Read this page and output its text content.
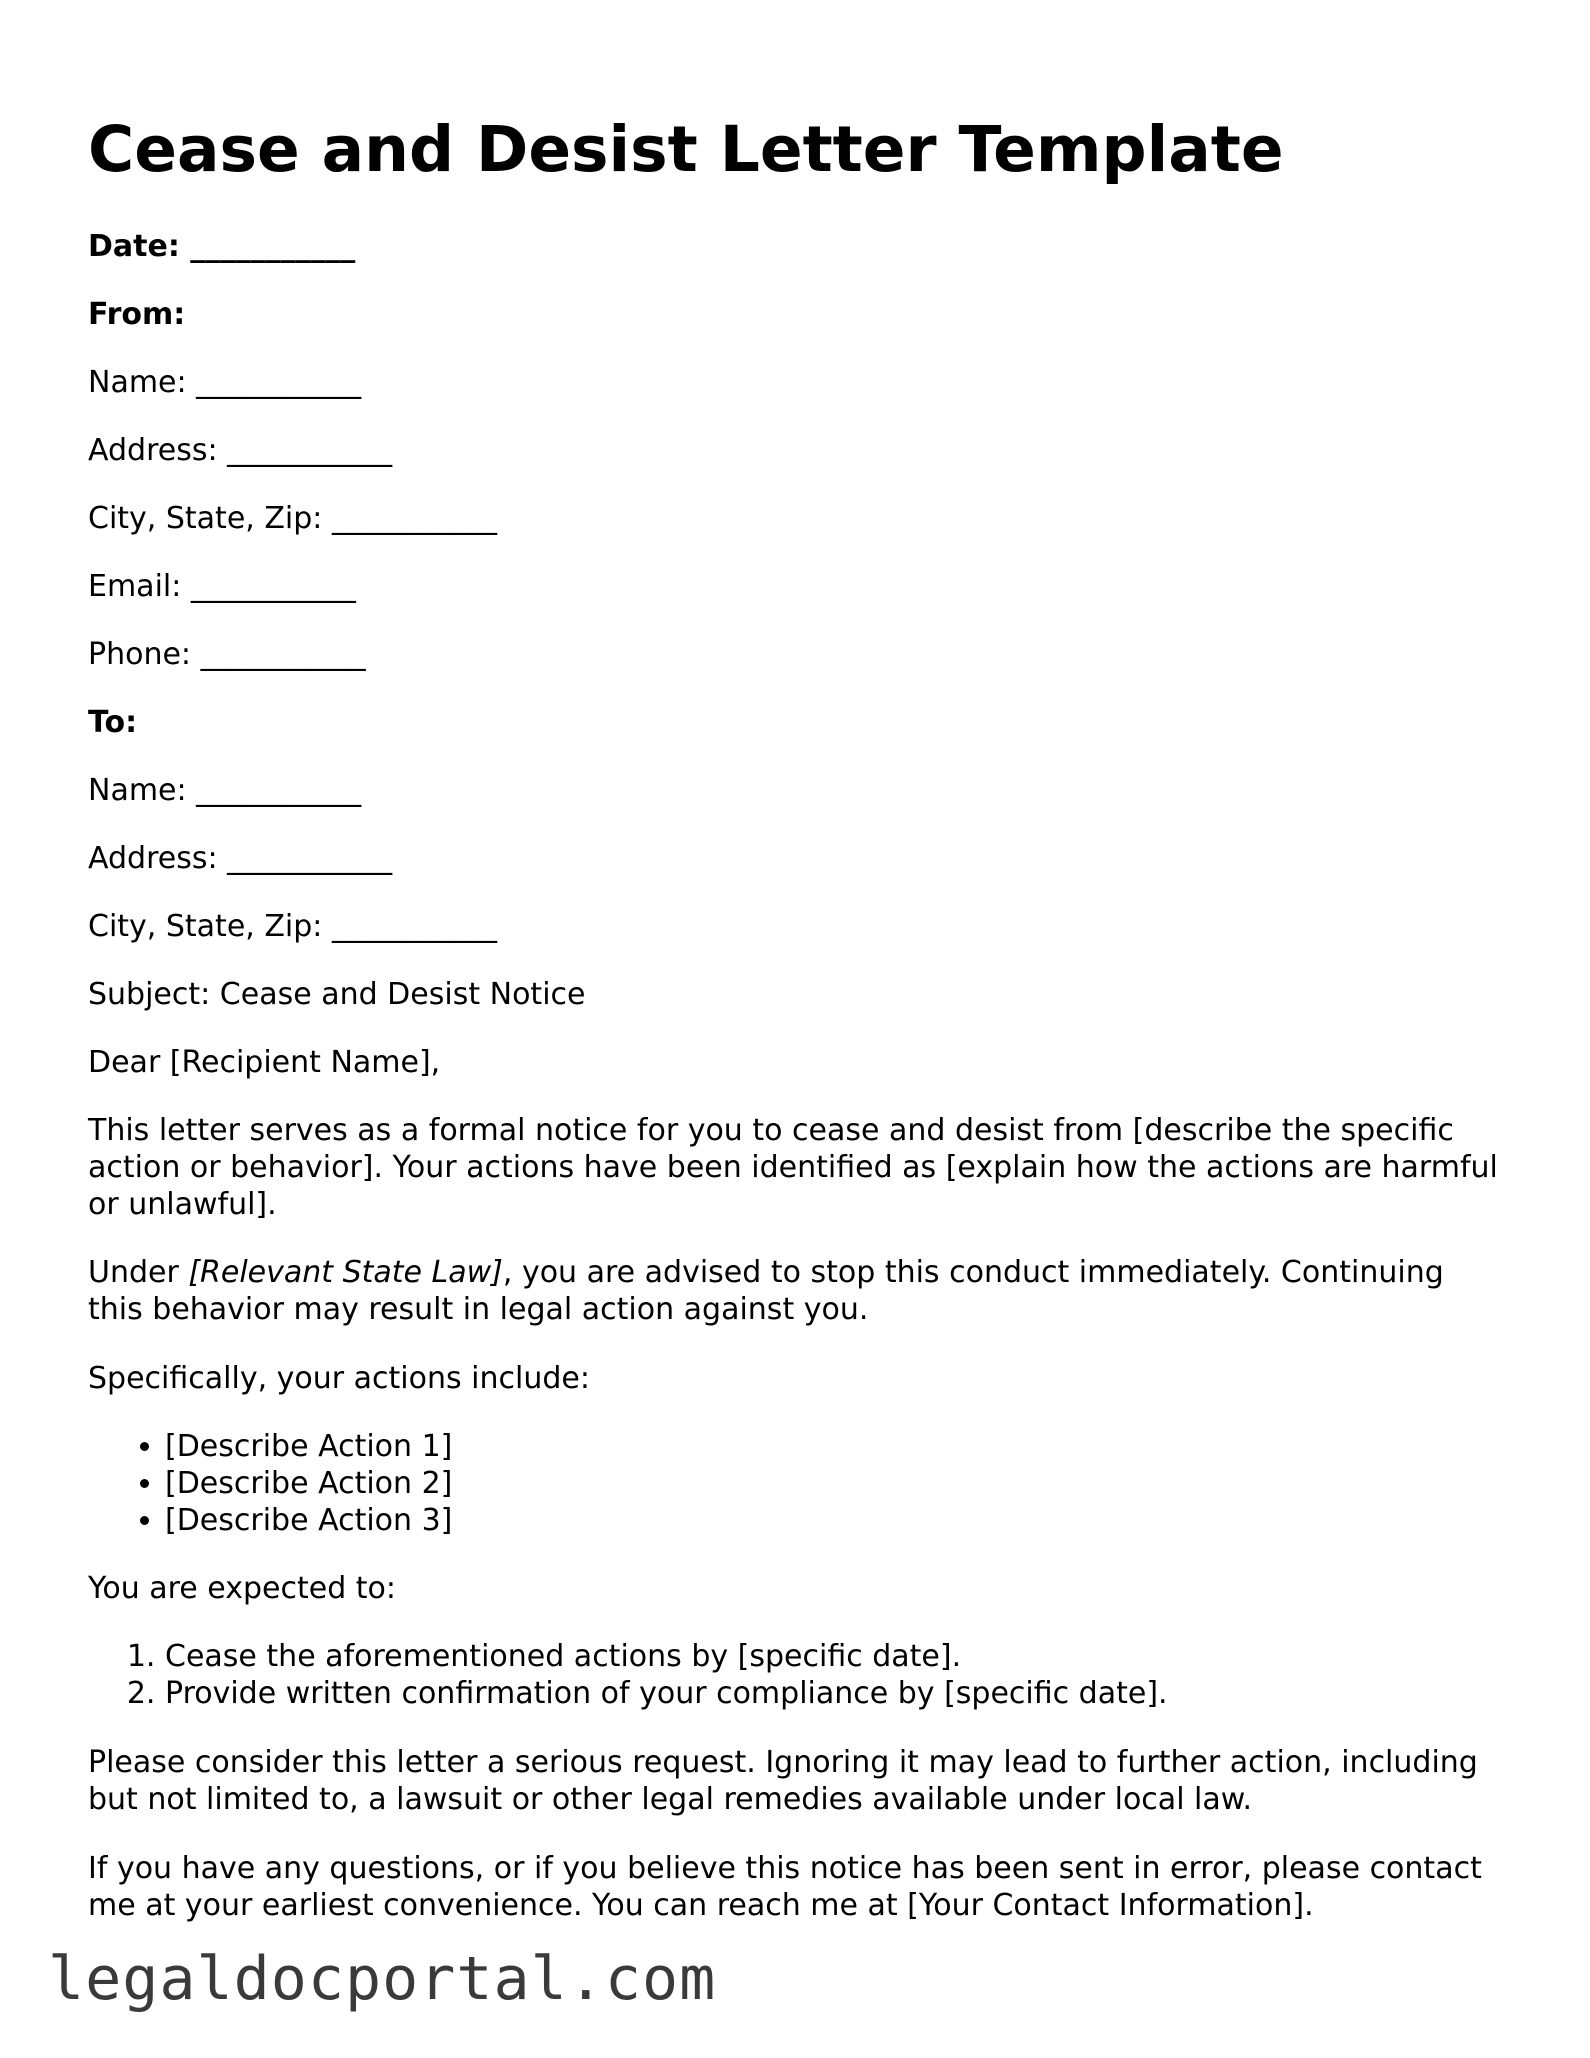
Cease and Desist Letter Template

Date: ___________

From:

Name: ___________

Address: ___________

City, State, Zip: ___________

Email: ___________

Phone: ___________

To:

Name: ___________

Address: ___________

City, State, Zip: ___________

Subject: Cease and Desist Notice

Dear [Recipient Name],

This letter serves as a formal notice for you to cease and desist from [describe the specific action or behavior]. Your actions have been identified as [explain how the actions are harmful or unlawful].

Under [Relevant State Law], you are advised to stop this conduct immediately. Continuing this behavior may result in legal action against you.

Specifically, your actions include:

• [Describe Action 1]
• [Describe Action 2]
• [Describe Action 3]

You are expected to:

1. Cease the aforementioned actions by [specific date].
2. Provide written confirmation of your compliance by [specific date].

Please consider this letter a serious request. Ignoring it may lead to further action, including but not limited to, a lawsuit or other legal remedies available under local law.

If you have any questions, or if you believe this notice has been sent in error, please contact me at your earliest convenience. You can reach me at [Your Contact Information].

legaldocportal.com
